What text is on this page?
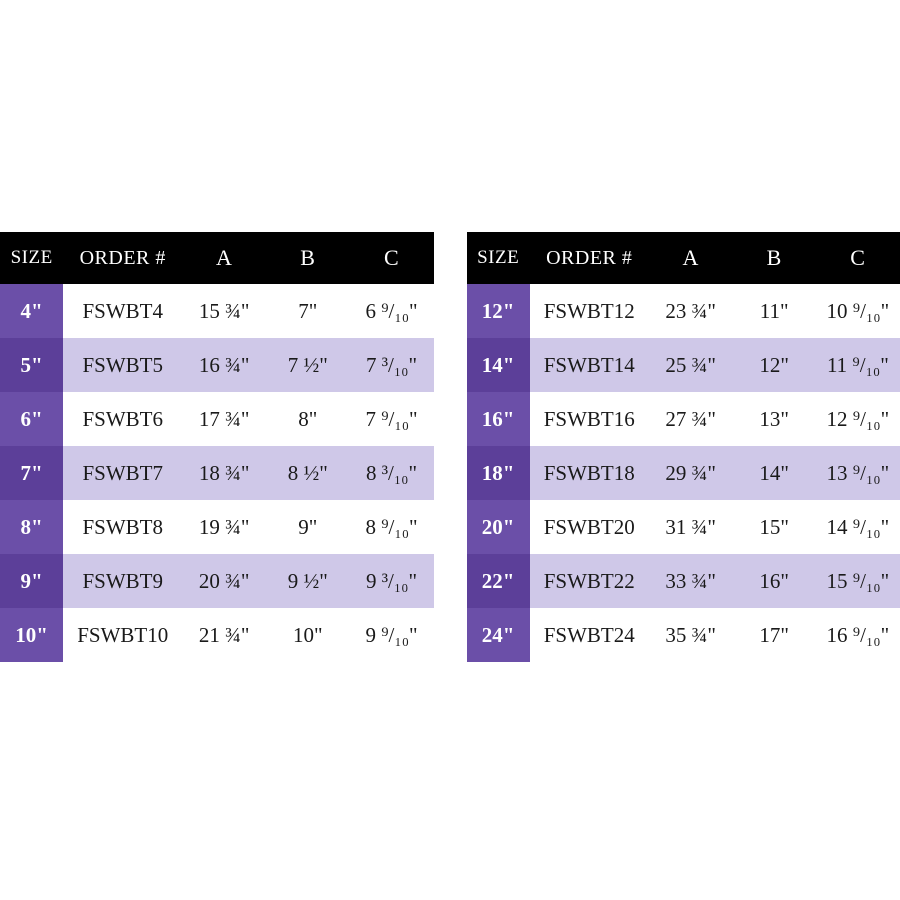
SIZE	ORDER #	A	B	C
4"	FSWBT4	15 ¾"	7"	6 ⁹/₁₀"
5"	FSWBT5	16 ¾"	7 ½"	7 ³/₁₀"
6"	FSWBT6	17 ¾"	8"	7 ⁹/₁₀"
7"	FSWBT7	18 ¾"	8 ½"	8 ³/₁₀"
8"	FSWBT8	19 ¾"	9"	8 ⁹/₁₀"
9"	FSWBT9	20 ¾"	9 ½"	9 ³/₁₀"
10"	FSWBT10	21 ¾"	10"	9 ⁹/₁₀"
SIZE	ORDER #	A	B	C
12"	FSWBT12	23 ¾"	11"	10 ⁹/₁₀"
14"	FSWBT14	25 ¾"	12"	11 ⁹/₁₀"
16"	FSWBT16	27 ¾"	13"	12 ⁹/₁₀"
18"	FSWBT18	29 ¾"	14"	13 ⁹/₁₀"
20"	FSWBT20	31 ¾"	15"	14 ⁹/₁₀"
22"	FSWBT22	33 ¾"	16"	15 ⁹/₁₀"
24"	FSWBT24	35 ¾"	17"	16 ⁹/₁₀"
